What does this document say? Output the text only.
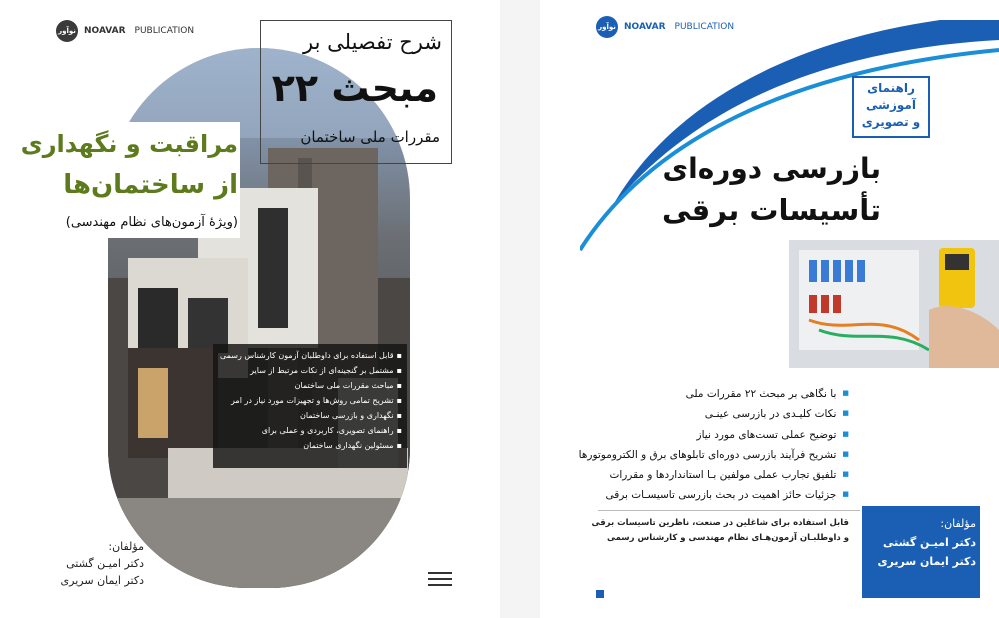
نوآور NOAVAR PUBLICATION	شرح تفصیلی بر
مبحث ۲۲
مقررات ملی ساختمان
مراقبت و نگهداری
از ساختمان‌ها
(ویژهٔ آزمون‌های نظام مهندسی)
▪ قابل استفاده برای داوطلبان آزمون کارشناس رسمی
▪ مشتمل بر گنجینه‌ای از نکات مرتبط از سایر
▪ مباحث مقررات ملی ساختمان
▪ تشریح تمامی روش‌ها و تجهیزات مورد نیاز در امر
▪ نگهداری و بازرسی ساختمان
▪ راهنمای تصویری، کاربردی و عملی برای
▪ مسئولین نگهداری ساختمان
مؤلفان:
دکتر امیـن گشتی
دکتر ایمان سریری
نوآور NOAVAR PUBLICATION
راهنمای
آموزشی
و تصویری
بازرسی دوره‌ای
تأسیسات برقی
■ با نگاهی بر مبحث ۲۲ مقررات ملی
■ نکات کلیـدی در بازرسی عینـی
■ توضیح عملی تست‌های مورد نیاز
■ تشریح فرآیند بازرسی دوره‌ای تابلوهای برق و الکتروموتورها
■ تلفیق تجارب عملی مولفین بـا استانداردها و مقررات
■ جزئیات حائز اهمیت در بحث بازرسی تاسیسـات برقی
قابل استفاده برای شاغلین در صنعت، ناظرین تاسیسات برقی
و داوطلبـان آزمون‌هـای نظام مهندسی و کارشناس رسمی
مؤلفان:
دکتر امیـن گشتی
دکتر ایمان سریری
